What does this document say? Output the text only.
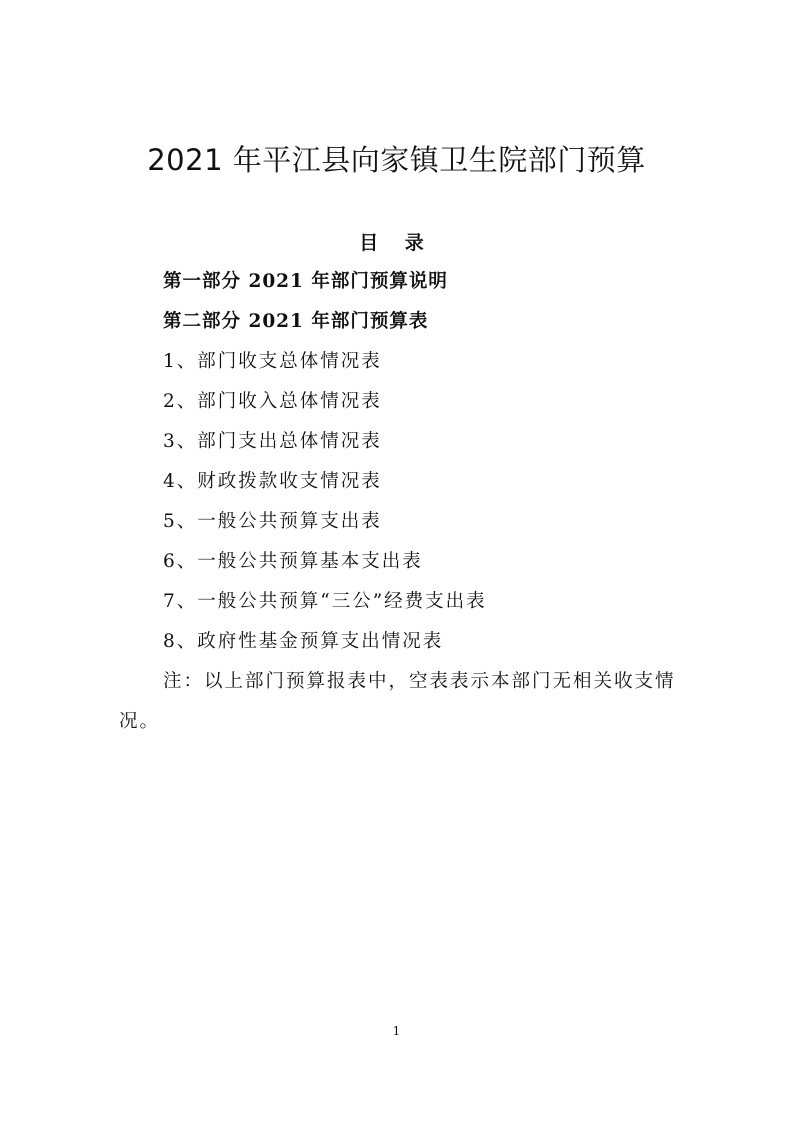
2021 年平江县向家镇卫生院部门预算
目 录
第一部分 2021 年部门预算说明
第二部分 2021 年部门预算表
1、部门收支总体情况表
2、部门收入总体情况表
3、部门支出总体情况表
4、财政拨款收支情况表
5、一般公共预算支出表
6、一般公共预算基本支出表
7、一般公共预算“三公”经费支出表
8、政府性基金预算支出情况表

注：以上部门预算报表中，空表表示本部门无相关收支情况。

1
